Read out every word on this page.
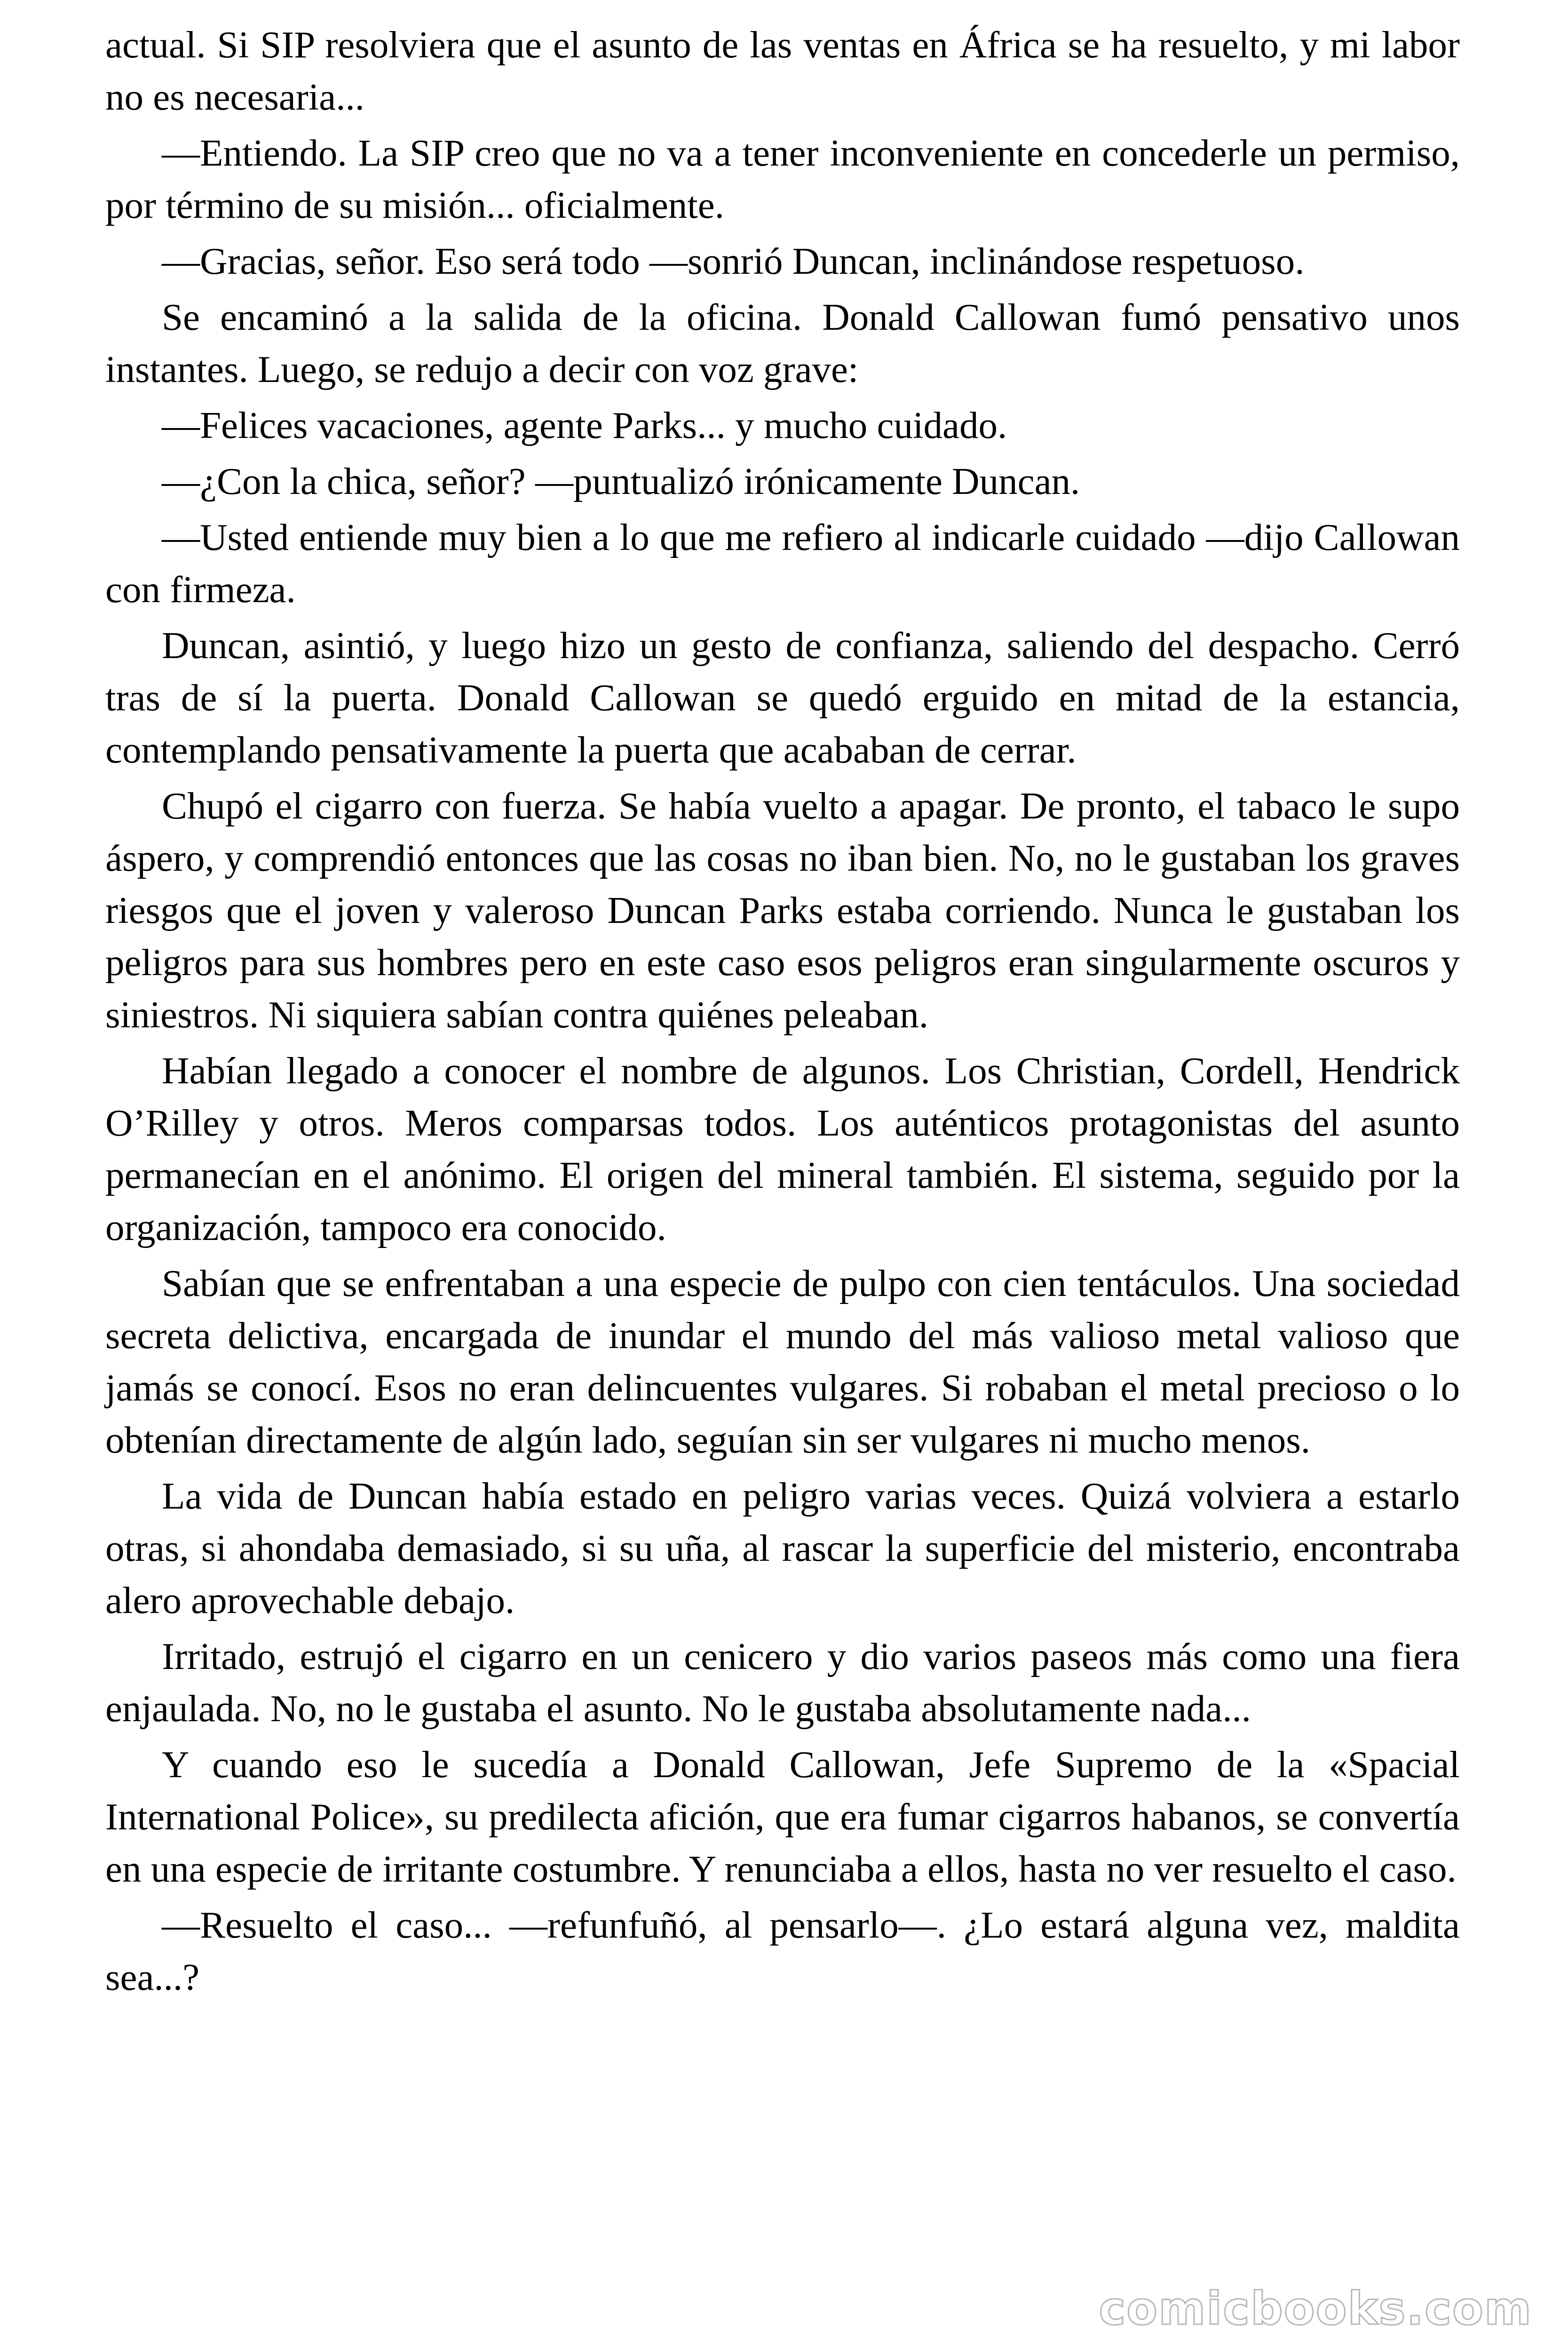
actual. Si SIP resolviera que el asunto de las ventas en África se ha resuelto, y mi labor no es necesaria...

—Entiendo. La SIP creo que no va a tener inconveniente en concederle un permiso, por término de su misión... oficialmente.

—Gracias, señor. Eso será todo —sonrió Duncan, inclinándose respetuoso.

Se encaminó a la salida de la oficina. Donald Callowan fumó pensativo unos instantes. Luego, se redujo a decir con voz grave:

—Felices vacaciones, agente Parks... y mucho cuidado.

—¿Con la chica, señor? —puntualizó irónicamente Duncan.

—Usted entiende muy bien a lo que me refiero al indicarle cuidado —dijo Callowan con firmeza.

Duncan, asintió, y luego hizo un gesto de confianza, saliendo del despacho. Cerró tras de sí la puerta. Donald Callowan se quedó erguido en mitad de la estancia, contemplando pensativamente la puerta que acababan de cerrar.

Chupó el cigarro con fuerza. Se había vuelto a apagar. De pronto, el tabaco le supo áspero, y comprendió entonces que las cosas no iban bien. No, no le gustaban los graves riesgos que el joven y valeroso Duncan Parks estaba corriendo. Nunca le gustaban los peligros para sus hombres pero en este caso esos peligros eran singularmente oscuros y siniestros. Ni siquiera sabían contra quiénes peleaban.

Habían llegado a conocer el nombre de algunos. Los Christian, Cordell, Hendrick O’Rilley y otros. Meros comparsas todos. Los auténticos protagonistas del asunto permanecían en el anónimo. El origen del mineral también. El sistema, seguido por la organización, tampoco era conocido.

Sabían que se enfrentaban a una especie de pulpo con cien tentáculos. Una sociedad secreta delictiva, encargada de inundar el mundo del más valioso metal valioso que jamás se conocí. Esos no eran delincuentes vulgares. Si robaban el metal precioso o lo obtenían directamente de algún lado, seguían sin ser vulgares ni mucho menos.

La vida de Duncan había estado en peligro varias veces. Quizá volviera a estarlo otras, si ahondaba demasiado, si su uña, al rascar la superficie del misterio, encontraba alero aprovechable debajo.

Irritado, estrujó el cigarro en un cenicero y dio varios paseos más como una fiera enjaulada. No, no le gustaba el asunto. No le gustaba absolutamente nada...

Y cuando eso le sucedía a Donald Callowan, Jefe Supremo de la «Spacial International Police», su predilecta afición, que era fumar cigarros habanos, se convertía en una especie de irritante costumbre. Y renunciaba a ellos, hasta no ver resuelto el caso.

—Resuelto el caso... —refunfuñó, al pensarlo—. ¿Lo estará alguna vez, maldita sea...?

comicbooks.com
